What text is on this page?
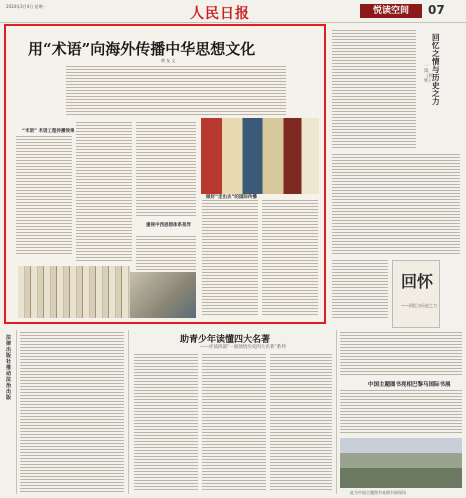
2024年3月4日 星期一	人民日报	悦读空间	07
用“术语”向海外传播中华思想文化
黄 友 义
“术语” 术语工程传播效果
重视中西思想体系差异
做好“走出去”的国际传播
回忆之情与历史之力
一读《回怀》
回怀
——回忆与历史之力
法律出版社推动法治出版
助青少年读懂四大名著
——评读四部“一册领悟历史四大名著”系列
中国主题图书亮相巴黎马国际书展
此为中国主题图书亮相书展现场
